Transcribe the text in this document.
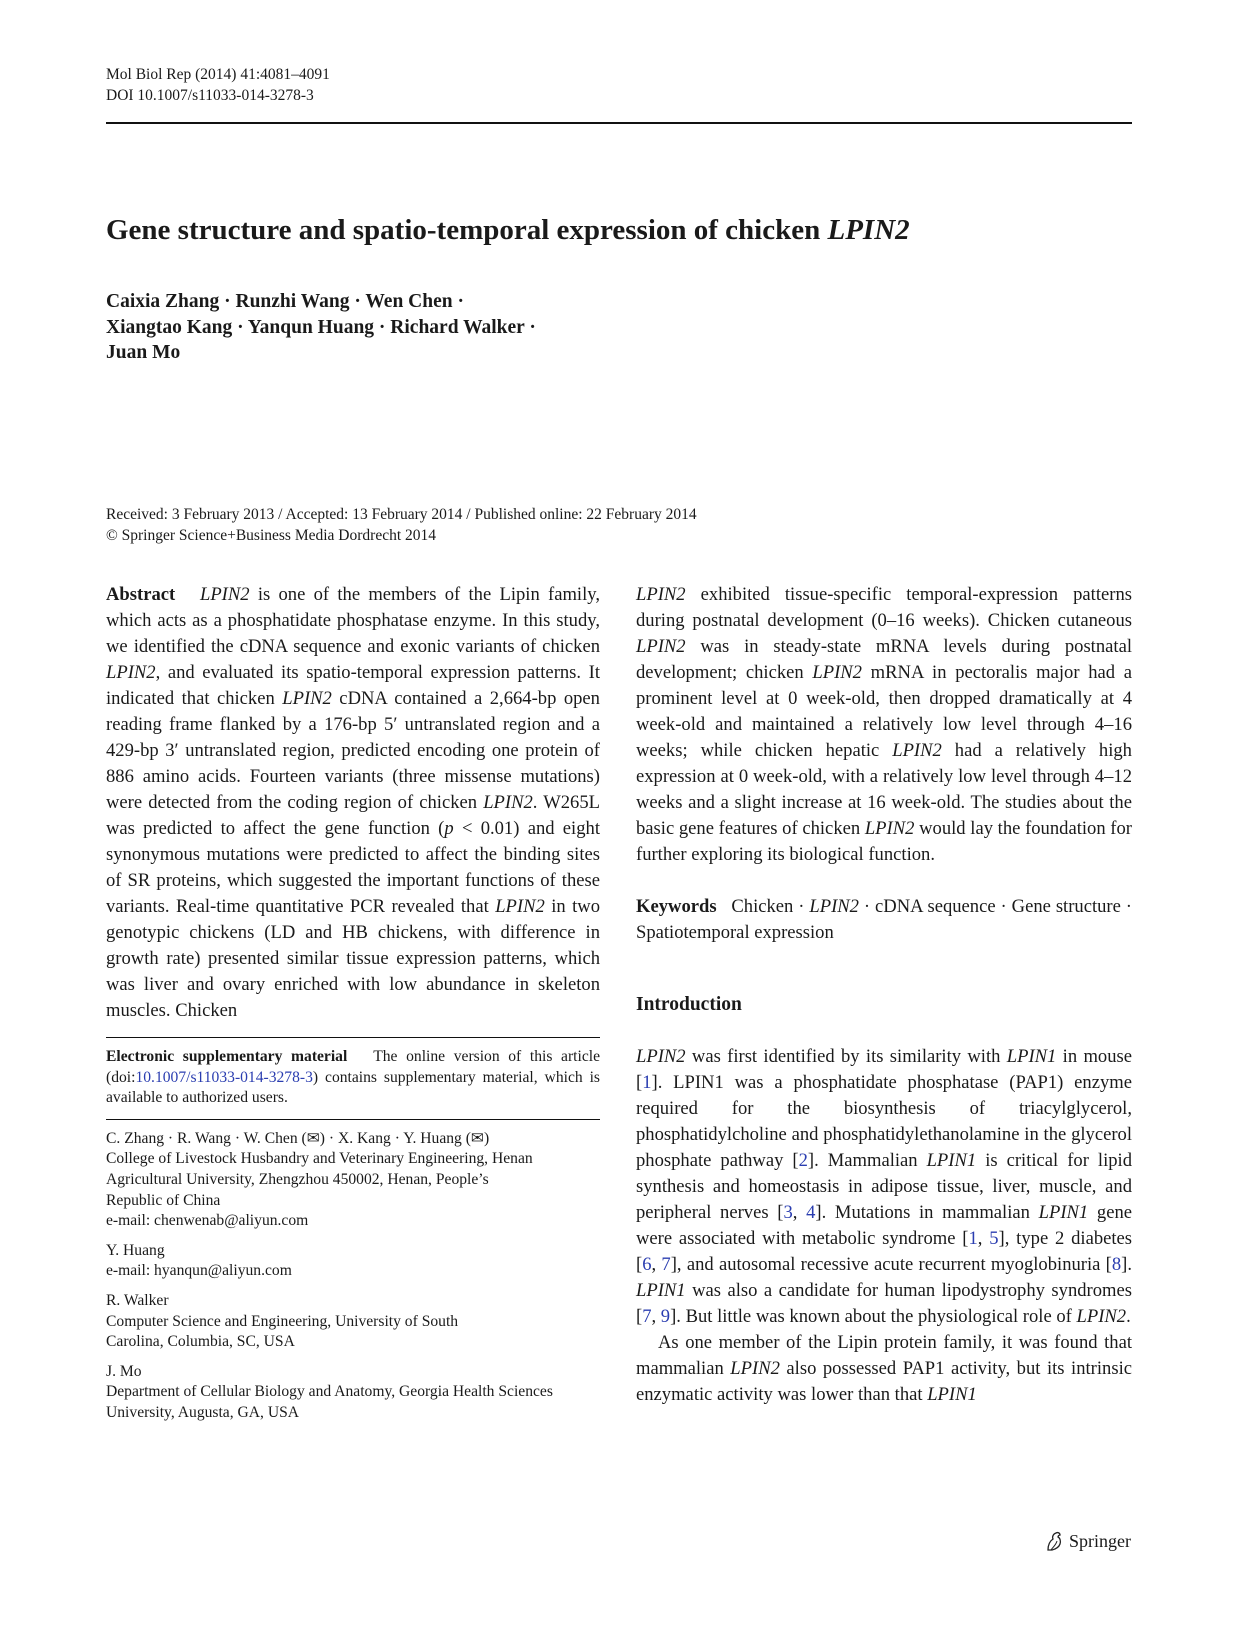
Mol Biol Rep (2014) 41:4081–4091
DOI 10.1007/s11033-014-3278-3
Gene structure and spatio-temporal expression of chicken LPIN2
Caixia Zhang · Runzhi Wang · Wen Chen ·
Xiangtao Kang · Yanqun Huang · Richard Walker ·
Juan Mo
Received: 3 February 2013 / Accepted: 13 February 2014 / Published online: 22 February 2014
© Springer Science+Business Media Dordrecht 2014

Abstract LPIN2 is one of the members of the Lipin family, which acts as a phosphatidate phosphatase enzyme. In this study, we identified the cDNA sequence and exonic variants of chicken LPIN2, and evaluated its spatio-temporal expression patterns. It indicated that chicken LPIN2 cDNA contained a 2,664-bp open reading frame flanked by a 176-bp 5′ untranslated region and a 429-bp 3′ untranslated region, predicted encoding one protein of 886 amino acids. Fourteen variants (three missense mutations) were detected from the coding region of chicken LPIN2. W265L was predicted to affect the gene function (p < 0.01) and eight synonymous mutations were predicted to affect the binding sites of SR proteins, which suggested the important functions of these variants. Real-time quantitative PCR revealed that LPIN2 in two genotypic chickens (LD and HB chickens, with difference in growth rate) presented similar tissue expression patterns, which was liver and ovary enriched with low abundance in skeleton muscles. Chicken

Electronic supplementary material The online version of this article (doi:10.1007/s11033-014-3278-3) contains supplementary material, which is available to authorized users.

C. Zhang · R. Wang · W. Chen (✉) · X. Kang · Y. Huang (✉)
College of Livestock Husbandry and Veterinary Engineering, Henan Agricultural University, Zhengzhou 450002, Henan, People’s Republic of China
e-mail: chenwenab@aliyun.com
Y. Huang
e-mail: hyanqun@aliyun.com
R. Walker
Computer Science and Engineering, University of South Carolina, Columbia, SC, USA
J. Mo
Department of Cellular Biology and Anatomy, Georgia Health Sciences University, Augusta, GA, USA

LPIN2 exhibited tissue-specific temporal-expression patterns during postnatal development (0–16 weeks). Chicken cutaneous LPIN2 was in steady-state mRNA levels during postnatal development; chicken LPIN2 mRNA in pectoralis major had a prominent level at 0 week-old, then dropped dramatically at 4 week-old and maintained a relatively low level through 4–16 weeks; while chicken hepatic LPIN2 had a relatively high expression at 0 week-old, with a relatively low level through 4–12 weeks and a slight increase at 16 week-old. The studies about the basic gene features of chicken LPIN2 would lay the foundation for further exploring its biological function.

Keywords Chicken · LPIN2 · cDNA sequence · Gene structure · Spatiotemporal expression

Introduction

LPIN2 was first identified by its similarity with LPIN1 in mouse [1]. LPIN1 was a phosphatidate phosphatase (PAP1) enzyme required for the biosynthesis of triacylglycerol, phosphatidylcholine and phosphatidylethanolamine in the glycerol phosphate pathway [2]. Mammalian LPIN1 is critical for lipid synthesis and homeostasis in adipose tissue, liver, muscle, and peripheral nerves [3, 4]. Mutations in mammalian LPIN1 gene were associated with metabolic syndrome [1, 5], type 2 diabetes [6, 7], and autosomal recessive acute recurrent myoglobinuria [8]. LPIN1 was also a candidate for human lipodystrophy syndromes [7, 9]. But little was known about the physiological role of LPIN2.

As one member of the Lipin protein family, it was found that mammalian LPIN2 also possessed PAP1 activity, but its intrinsic enzymatic activity was lower than that LPIN1

Springer
